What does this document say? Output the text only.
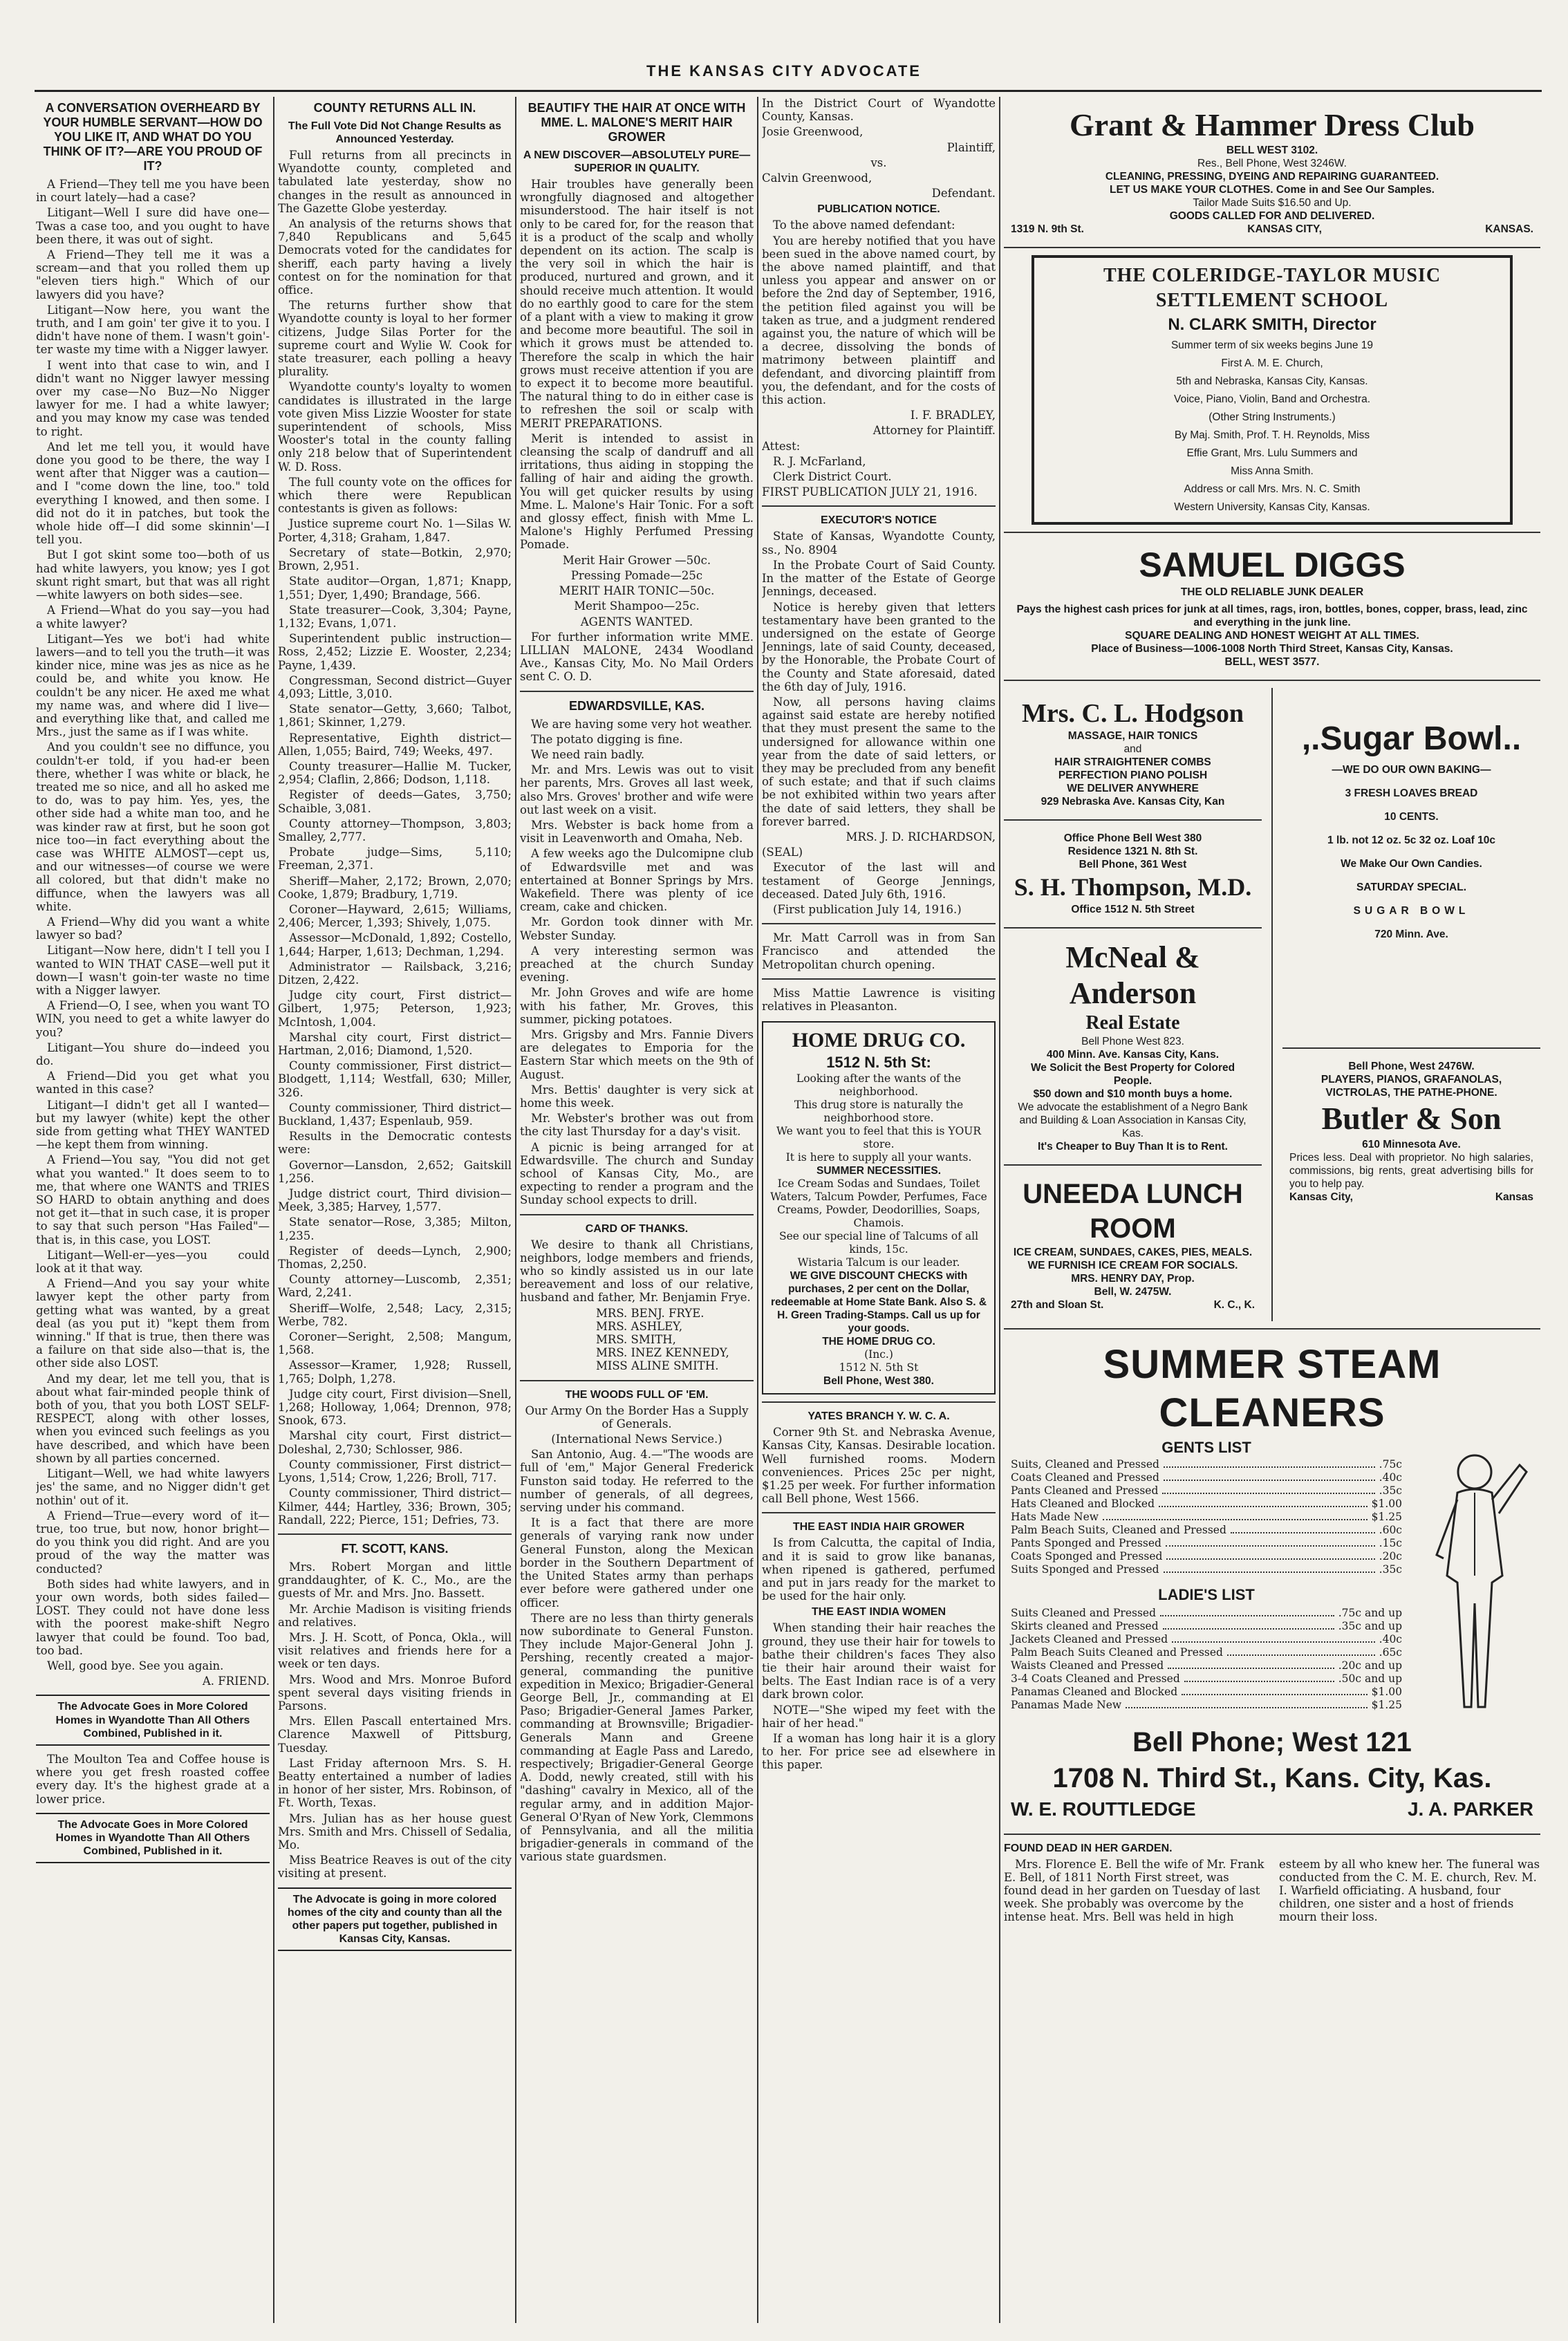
THE KANSAS CITY ADVOCATE
A CONVERSATION OVERHEARD BY YOUR HUMBLE SERVANT—HOW DO YOU LIKE IT, AND WHAT DO YOU THINK OF IT?—ARE YOU PROUD OF IT?

A Friend—They tell me you have been in court lately—had a case?

Litigant—Well I sure did have one—Twas a case too, and you ought to have been there, it was out of sight.

A Friend—They tell me it was a scream—and that you rolled them up "eleven tiers high." Which of our lawyers did you have?

Litigant—Now here, you want the truth, and I am goin' ter give it to you. I didn't have none of them. I wasn't goin'-ter waste my time with a Nigger lawyer.

I went into that case to win, and I didn't want no Nigger lawyer messing over my case—No Buz—No Nigger lawyer for me. I had a white lawyer; and you may know my case was tended to right.

And let me tell you, it would have done you good to be there, the way I went after that Nigger was a caution—and I "come down the line, too." told everything I knowed, and then some. I did not do it in patches, but took the whole hide off—I did some skinnin'—I tell you.

But I got skint some too—both of us had white lawyers, you know; yes I got skunt right smart, but that was all right—white lawyers on both sides—see.

A Friend—What do you say—you had a white lawyer?

Litigant—Yes we bot'i had white lawers—and to tell you the truth—it was kinder nice, mine was jes as nice as he could be, and white you know. He couldn't be any nicer. He axed me what my name was, and where did I live—and everything like that, and called me Mrs., just the same as if I was white.

And you couldn't see no diffunce, you couldn't-er told, if you had-er been there, whether I was white or black, he treated me so nice, and all ho asked me to do, was to pay him. Yes, yes, the other side had a white man too, and he was kinder raw at first, but he soon got nice too—in fact everything about the case was WHITE ALMOST—cept us, and our witnesses—of course we were all colored, but that didn't make no diffunce, when the lawyers was all white.

A Friend—Why did you want a white lawyer so bad?

Litigant—Now here, didn't I tell you I wanted to WIN THAT CASE—well put it down—I wasn't goin-ter waste no time with a Nigger lawyer.

A Friend—O, I see, when you want TO WIN, you need to get a white lawyer do you?

Litigant—You shure do—indeed you do.

A Friend—Did you get what you wanted in this case?

Litigant—I didn't get all I wanted—but my lawyer (white) kept the other side from getting what THEY WANTED—he kept them from winning.

A Friend—You say, "You did not get what you wanted." It does seem to to me, that where one WANTS and TRIES SO HARD to obtain anything and does not get it—that in such case, it is proper to say that such person "Has Failed"—that is, in this case, you LOST.

Litigant—Well-er—yes—you could look at it that way.

A Friend—And you say your white lawyer kept the other party from getting what was wanted, by a great deal (as you put it) "kept them from winning." If that is true, then there was a failure on that side also—that is, the other side also LOST.

And my dear, let me tell you, that is about what fair-minded people think of both of you, that you both LOST SELF-RESPECT, along with other losses, when you evinced such feelings as you have described, and which have been shown by all parties concerned.

Litigant—Well, we had white lawyers jes' the same, and no Nigger didn't get nothin' out of it.

A Friend—True—every word of it—true, too true, but now, honor bright—do you think you did right. And are you proud of the way the matter was conducted?

Both sides had white lawyers, and in your own words, both sides failed—LOST. They could not have done less with the poorest make-shift Negro lawyer that could be found. Too bad, too bad.

Well, good bye. See you again.

A. FRIEND.

The Advocate Goes in More Colored Homes in Wyandotte Than All Others Combined, Published in it.

The Moulton Tea and Coffee house is where you get fresh roasted coffee every day. It's the highest grade at a lower price.

The Advocate Goes in More Colored Homes in Wyandotte Than All Others Combined, Published in it.
COUNTY RETURNS ALL IN.
The Full Vote Did Not Change Results as Announced Yesterday.

Full returns from all precincts in Wyandotte county, completed and tabulated late yesterday, show no changes in the result as announced in The Gazette Globe yesterday.

An analysis of the returns shows that 7,840 Republicans and 5,645 Democrats voted for the candidates for sheriff, each party having a lively contest on for the nomination for that office.

The returns further show that Wyandotte county is loyal to her former citizens, Judge Silas Porter for the supreme court and Wylie W. Cook for state treasurer, each polling a heavy plurality.

Wyandotte county's loyalty to women candidates is illustrated in the large vote given Miss Lizzie Wooster for state superintendent of schools, Miss Wooster's total in the county falling only 218 below that of Superintendent W. D. Ross.

The full county vote on the offices for which there were Republican contestants is given as follows:

Justice supreme court No. 1—Silas W. Porter, 4,318; Graham, 1,847.

Secretary of state—Botkin, 2,970; Brown, 2,951.

State auditor—Organ, 1,871; Knapp, 1,551; Dyer, 1,490; Brandage, 566.

State treasurer—Cook, 3,304; Payne, 1,132; Evans, 1,071.

Superintendent public instruction—Ross, 2,452; Lizzie E. Wooster, 2,234; Payne, 1,439.

Congressman, Second district—Guyer 4,093; Little, 3,010.

State senator—Getty, 3,660; Talbot, 1,861; Skinner, 1,279.

Representative, Eighth district—Allen, 1,055; Baird, 749; Weeks, 497.

County treasurer—Hallie M. Tucker, 2,954; Claflin, 2,866; Dodson, 1,118.

Register of deeds—Gates, 3,750; Schaible, 3,081.

County attorney—Thompson, 3,803; Smalley, 2,777.

Probate judge—Sims, 5,110; Freeman, 2,371.

Sheriff—Maher, 2,172; Brown, 2,070; Cooke, 1,879; Bradbury, 1,719.

Coroner—Hayward, 2,615; Williams, 2,406; Mercer, 1,393; Shively, 1,075.

Assessor—McDonald, 1,892; Costello, 1,644; Harper, 1,613; Dechman, 1,294.

Administrator — Railsback, 3,216; Ditzen, 2,422.

Judge city court, First district—Gilbert, 1,975; Peterson, 1,923; McIntosh, 1,004.

Marshal city court, First district—Hartman, 2,016; Diamond, 1,520.

County commissioner, First district—Blodgett, 1,114; Westfall, 630; Miller, 326.

County commissioner, Third district—Buckland, 1,437; Espenlaub, 959.

Results in the Democratic contests were:

Governor—Lansdon, 2,652; Gaitskill 1,256.

Judge district court, Third division—Meek, 3,385; Harvey, 1,577.

State senator—Rose, 3,385; Milton, 1,235.

Register of deeds—Lynch, 2,900; Thomas, 2,250.

County attorney—Luscomb, 2,351; Ward, 2,241.

Sheriff—Wolfe, 2,548; Lacy, 2,315; Werbe, 782.

Coroner—Seright, 2,508; Mangum, 1,568.

Assessor—Kramer, 1,928; Russell, 1,765; Dolph, 1,278.

Judge city court, First division—Snell, 1,268; Holloway, 1,064; Drennon, 978; Snook, 673.

Marshal city court, First district—Doleshal, 2,730; Schlosser, 986.

County commissioner, First district—Lyons, 1,514; Crow, 1,226; Broll, 717.

County commissioner, Third district—Kilmer, 444; Hartley, 336; Brown, 305; Randall, 222; Pierce, 151; Defries, 73.

FT. SCOTT, KANS.

Mrs. Robert Morgan and little granddaughter, of K. C., Mo., are the guests of Mr. and Mrs. Jno. Bassett.

Mr. Archie Madison is visiting friends and relatives.

Mrs. J. H. Scott, of Ponca, Okla., will visit relatives and friends here for a week or ten days.

Mrs. Wood and Mrs. Monroe Buford spent several days visiting friends in Parsons.

Mrs. Ellen Pascall entertained Mrs. Clarence Maxwell of Pittsburg, Tuesday.

Last Friday afternoon Mrs. S. H. Beatty entertained a number of ladies in honor of her sister, Mrs. Robinson, of Ft. Worth, Texas.

Mrs. Julian has as her house guest Mrs. Smith and Mrs. Chissell of Sedalia, Mo.

Miss Beatrice Reaves is out of the city visiting at present.

The Advocate is going in more colored homes of the city and county than all the other papers put together, published in Kansas City, Kansas.
BEAUTIFY THE HAIR AT ONCE WITH MME. L. MALONE'S MERIT HAIR GROWER
A NEW DISCOVER—ABSOLUTELY PURE—SUPERIOR IN QUALITY.

Hair troubles have generally been wrongfully diagnosed and altogether misunderstood. The hair itself is not only to be cared for, for the reason that it is a product of the scalp and wholly dependent on its action. The scalp is the very soil in which the hair is produced, nurtured and grown, and it should receive much attention. It would do no earthly good to care for the stem of a plant with a view to making it grow and become more beautiful. The soil in which it grows must be attended to. Therefore the scalp in which the hair grows must receive attention if you are to expect it to become more beautiful. The natural thing to do in either case is to refreshen the soil or scalp with MERIT PREPARATIONS.

Merit is intended to assist in cleansing the scalp of dandruff and all irritations, thus aiding in stopping the falling of hair and aiding the growth. You will get quicker results by using Mme. L. Malone's Hair Tonic. For a soft and glossy effect, finish with Mme L. Malone's Highly Perfumed Pressing Pomade.

Merit Hair Grower —50c.

Pressing Pomade—25c

MERIT HAIR TONIC—50c.

Merit Shampoo—25c.

AGENTS WANTED.

For further information write MME. LILLIAN MALONE, 2434 Woodland Ave., Kansas City, Mo. No Mail Orders sent C. O. D.

EDWARDSVILLE, KAS.

We are having some very hot weather.

The potato digging is fine.

We need rain badly.

Mr. and Mrs. Lewis was out to visit her parents, Mrs. Groves all last week, also Mrs. Groves' brother and wife were out last week on a visit.

Mrs. Webster is back home from a visit in Leavenworth and Omaha, Neb.

A few weeks ago the Dulcomipne club of Edwardsville met and was entertained at Bonner Springs by Mrs. Wakefield. There was plenty of ice cream, cake and chicken.

Mr. Gordon took dinner with Mr. Webster Sunday.

A very interesting sermon was preached at the church Sunday evening.

Mr. John Groves and wife are home with his father, Mr. Groves, this summer, picking potatoes.

Mrs. Grigsby and Mrs. Fannie Divers are delegates to Emporia for the Eastern Star which meets on the 9th of August.

Mrs. Bettis' daughter is very sick at home this week.

Mr. Webster's brother was out from the city last Thursday for a day's visit.

A picnic is being arranged for at Edwardsville. The church and Sunday school of Kansas City, Mo., are expecting to render a program and the Sunday school expects to drill.

CARD OF THANKS.

We desire to thank all Christians, neighbors, lodge members and friends, who so kindly assisted us in our late bereavement and loss of our relative, husband and father, Mr. Benjamin Frye.

MRS. BENJ. FRYE.

MRS. ASHLEY,

MRS. SMITH,

MRS. INEZ KENNEDY,

MISS ALINE SMITH.

THE WOODS FULL OF 'EM.

Our Army On the Border Has a Supply of Generals.

(International News Service.)

San Antonio, Aug. 4.—"The woods are full of 'em," Major General Frederick Funston said today. He referred to the number of generals, of all degrees, serving under his command.

It is a fact that there are more generals of varying rank now under General Funston, along the Mexican border in the Southern Department of the United States army than perhaps ever before were gathered under one officer.

There are no less than thirty generals now subordinate to General Funston. They include Major-General John J. Pershing, recently created a major-general, commanding the punitive expedition in Mexico; Brigadier-General George Bell, Jr., commanding at El Paso; Brigadier-General James Parker, commanding at Brownsville; Brigadier-Generals Mann and Greene commanding at Eagle Pass and Laredo, respectively; Brigadier-General George A. Dodd, newly created, still with his "dashing" cavalry in Mexico, all of the regular army, and in addition Major-General O'Ryan of New York, Clemmons of Pennsylvania, and all the militia brigadier-generals in command of the various state guardsmen.

In the District Court of Wyandotte County, Kansas.

Josie Greenwood,

Plaintiff,

vs.

Calvin Greenwood,

Defendant.

PUBLICATION NOTICE.

To the above named defendant:

You are hereby notified that you have been sued in the above named court, by the above named plaintiff, and that unless you appear and answer on or before the 2nd day of September, 1916, the petition filed against you will be taken as true, and a judgment rendered against you, the nature of which will be a decree, dissolving the bonds of matrimony between plaintiff and defendant, and divorcing plaintiff from you, the defendant, and for the costs of this action.

I. F. BRADLEY,

Attorney for Plaintiff.

Attest:

R. J. McFarland,

Clerk District Court.

FIRST PUBLICATION JULY 21, 1916.

EXECUTOR'S NOTICE

State of Kansas, Wyandotte County, ss., No. 8904

In the Probate Court of Said County. In the matter of the Estate of George Jennings, deceased.

Notice is hereby given that letters testamentary have been granted to the undersigned on the estate of George Jennings, late of said County, deceased, by the Honorable, the Probate Court of the County and State aforesaid, dated the 6th day of July, 1916.

Now, all persons having claims against said estate are hereby notified that they must present the same to the undersigned for allowance within one year from the date of said letters, or they may be precluded from any benefit of such estate; and that if such claims be not exhibited within two years after the date of said letters, they shall be forever barred.

MRS. J. D. RICHARDSON,

(SEAL)

Executor of the last will and testament of George Jennings, deceased. Dated July 6th, 1916.

(First publication July 14, 1916.)

Mr. Matt Carroll was in from San Francisco and attended the Metropolitan church opening.

Miss Mattie Lawrence is visiting relatives in Pleasanton.

HOME DRUG CO.
1512 N. 5th St:

Looking after the wants of the neighborhood.

This drug store is naturally the neighborhood store.

We want you to feel that this is YOUR store.

It is here to supply all your wants.

SUMMER NECESSITIES.

Ice Cream Sodas and Sundaes, Toilet Waters, Talcum Powder, Perfumes, Face Creams, Powder, Deodorillies, Soaps, Chamois.

See our special line of Talcums of all kinds, 15c.

Wistaria Talcum is our leader.

WE GIVE DISCOUNT CHECKS with purchases, 2 per cent on the Dollar, redeemable at Home State Bank. Also S. & H. Green Trading-Stamps. Call us up for your goods.

THE HOME DRUG CO.

(Inc.)

1512 N. 5th St

Bell Phone, West 380.

YATES BRANCH Y. W. C. A.

Corner 9th St. and Nebraska Avenue, Kansas City, Kansas. Desirable location. Well furnished rooms. Modern conveniences. Prices 25c per night, $1.25 per week. For further information call Bell phone, West 1566.

THE EAST INDIA HAIR GROWER

Is from Calcutta, the capital of India, and it is said to grow like bananas, when ripened is gathered, perfumed and put in jars ready for the market to be used for the hair only.

THE EAST INDIA WOMEN

When standing their hair reaches the ground, they use their hair for towels to bathe their children's faces They also tie their hair around their waist for belts. The East Indian race is of a very dark brown color.

NOTE—"She wiped my feet with the hair of her head."

If a woman has long hair it is a glory to her. For price see ad elsewhere in this paper.

Grant & Hammer Dress Club

BELL WEST 3102.

Res., Bell Phone, West 3246W.

CLEANING, PRESSING, DYEING AND REPAIRING GUARANTEED.

LET US MAKE YOUR CLOTHES. Come in and See Our Samples.

Tailor Made Suits $16.50 and Up.

GOODS CALLED FOR AND DELIVERED.

1319 N. 9th St.	KANSAS CITY,	KANSAS.
THE COLERIDGE-TAYLOR MUSIC SETTLEMENT SCHOOL
N. CLARK SMITH, Director

Summer term of six weeks begins June 19

First A. M. E. Church,

5th and Nebraska, Kansas City, Kansas.

Voice, Piano, Violin, Band and Orchestra.

(Other String Instruments.)

By Maj. Smith, Prof. T. H. Reynolds, Miss

Effie Grant, Mrs. Lulu Summers and

Miss Anna Smith.

Address or call Mrs. Mrs. N. C. Smith

Western University, Kansas City, Kansas.

SAMUEL DIGGS

THE OLD RELIABLE JUNK DEALER

Pays the highest cash prices for junk at all times, rags, iron, bottles, bones, copper, brass, lead, zinc and everything in the junk line.

SQUARE DEALING AND HONEST WEIGHT AT ALL TIMES.

Place of Business—1006-1008 North Third Street, Kansas City, Kansas.

BELL, WEST 3577.

Mrs. C. L. Hodgson

MASSAGE, HAIR TONICS

and

HAIR STRAIGHTENER COMBS

PERFECTION PIANO POLISH

WE DELIVER ANYWHERE

929 Nebraska Ave. Kansas City, Kan

Office Phone Bell West 380

Residence 1321 N. 8th St.

Bell Phone, 361 West

S. H. Thompson, M.D.

Office 1512 N. 5th Street

McNeal & Anderson
Real Estate

Bell Phone West 823.

400 Minn. Ave. Kansas City, Kans.

We Solicit the Best Property for Colored People.

$50 down and $10 month buys a home.

We advocate the establishment of a Negro Bank and Building & Loan Association in Kansas City, Kas.

It's Cheaper to Buy Than It is to Rent.

UNEEDA LUNCH ROOM

ICE CREAM, SUNDAES, CAKES, PIES, MEALS.

WE FURNISH ICE CREAM FOR SOCIALS.

MRS. HENRY DAY, Prop.

Bell, W. 2475W.

27th and Sloan St.	K. C., K.
,.Sugar Bowl..

—WE DO OUR OWN BAKING—

3 FRESH LOAVES BREAD

10 CENTS.

1 lb. not 12 oz. 5c 32 oz. Loaf 10c

We Make Our Own Candies.

SATURDAY SPECIAL.

SUGAR BOWL

720 Minn. Ave.

Bell Phone, West 2476W.

PLAYERS, PIANOS, GRAFANOLAS, VICTROLAS, THE PATHE-PHONE.

Butler & Son

610 Minnesota Ave.

Prices less. Deal with proprietor. No high salaries, commissions, big rents, great advertising bills for you to help pay.

Kansas City,	Kansas
SUMMER STEAM CLEANERS

GENTS LIST

Suits, Cleaned and Pressed	.75c
Coats Cleaned and Pressed	.40c
Pants Cleaned and Pressed	.35c
Hats Cleaned and Blocked	$1.00
Hats Made New	$1.25
Palm Beach Suits, Cleaned and Pressed	.60c
Pants Sponged and Pressed	.15c
Coats Sponged and Pressed	.20c
Suits Sponged and Pressed	.35c

LADIE'S LIST

Suits Cleaned and Pressed	.75c and up
Skirts cleaned and Pressed	.35c and up
Jackets Cleaned and Pressed	.40c
Palm Beach Suits Cleaned and Pressed	.65c
Waists Cleaned and Pressed	.20c and up
3-4 Coats Cleaned and Pressed	.50c and up
Panamas Cleaned and Blocked	$1.00
Panamas Made New	$1.25
Bell Phone; West 121
1708 N. Third St., Kans. City, Kas.
W. E. ROUTTLEDGE	J. A. PARKER
FOUND DEAD IN HER GARDEN.

Mrs. Florence E. Bell the wife of Mr. Frank E. Bell, of 1811 North First street, was found dead in her garden on Tuesday of last week. She probably was overcome by the intense heat. Mrs. Bell was held in high esteem by all who knew her. The funeral was conducted from the C. M. E. church, Rev. M. I. Warfield officiating. A husband, four children, one sister and a host of friends mourn their loss.
